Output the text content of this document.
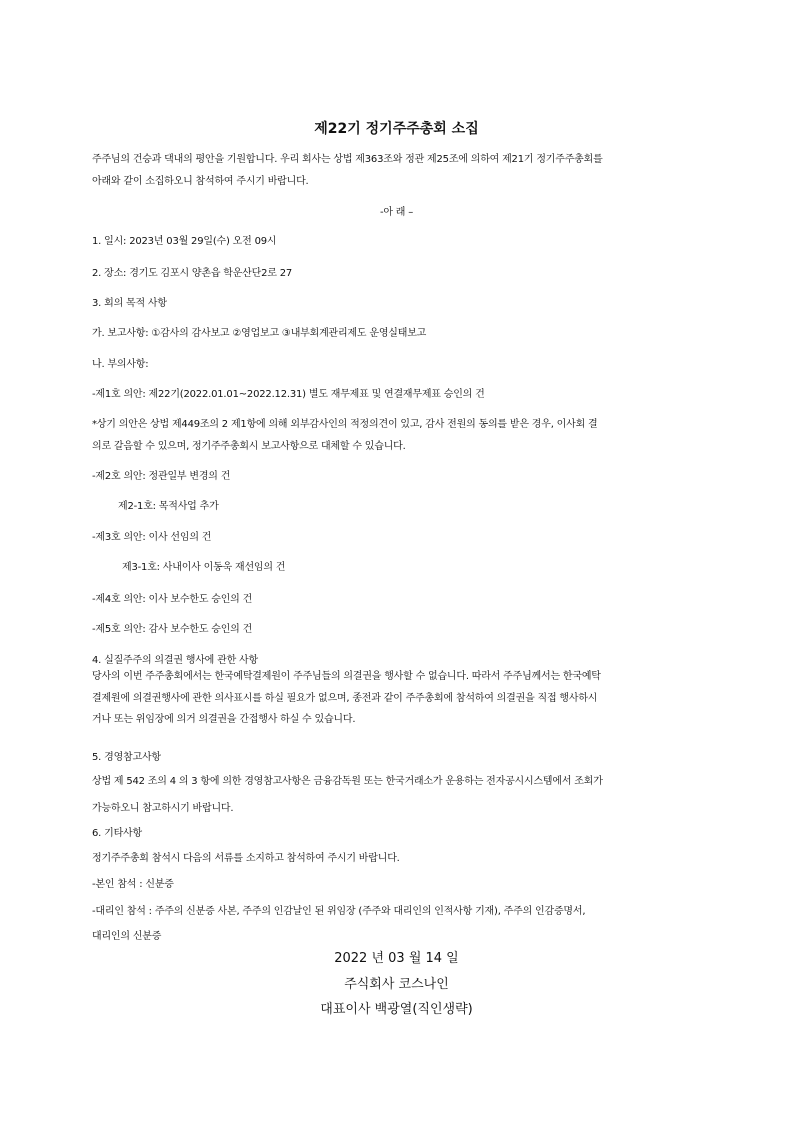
제22기 정기주주총회 소집
주주님의 건승과 댁내의 평안을 기원합니다. 우리 회사는 상법 제363조와 정관 제25조에 의하여 제21기 정기주주총회를
아래와 같이 소집하오니 참석하여 주시기 바랍니다.
-아 래 –
1. 일시: 2023년 03월 29일(수) 오전 09시
2. 장소: 경기도 김포시 양촌읍 학운산단2로 27
3. 회의 목적 사항
가. 보고사항: ①감사의 감사보고 ②영업보고 ③내부회계관리제도 운영실태보고
나. 부의사항:
-제1호 의안: 제22기(2022.01.01~2022.12.31) 별도 재무제표 및 연결재무제표 승인의 건
*상기 의안은 상법 제449조의 2 제1항에 의해 외부감사인의 적정의견이 있고, 감사 전원의 동의를 받은 경우, 이사회 결
의로 갈음할 수 있으며, 정기주주총회시 보고사항으로 대체할 수 있습니다.
-제2호 의안: 정관일부 변경의 건
제2-1호: 목적사업 추가
-제3호 의안: 이사 선임의 건
제3-1호: 사내이사 이동욱 재선임의 건
-제4호 의안: 이사 보수한도 승인의 건
-제5호 의안: 감사 보수한도 승인의 건
4. 실질주주의 의결권 행사에 관한 사항
당사의 이번 주주총회에서는 한국예탁결제원이 주주님들의 의결권을 행사할 수 없습니다. 따라서 주주님께서는 한국예탁
결제원에 의결권행사에 관한 의사표시를 하실 필요가 없으며, 종전과 같이 주주총회에 참석하여 의결권을 직접 행사하시
거나 또는 위임장에 의거 의결권을 간접행사 하실 수 있습니다.
5. 경영참고사항
상법 제 542 조의 4 의 3 항에 의한 경영참고사항은 금융감독원 또는 한국거래소가 운용하는 전자공시시스템에서 조회가
가능하오니 참고하시기 바랍니다.
6. 기타사항
정기주주총회 참석시 다음의 서류를 소지하고 참석하여 주시기 바랍니다.
-본인 참석 : 신분증
-대리인 참석 : 주주의 신분증 사본, 주주의 인감날인 된 위임장 (주주와 대리인의 인적사항 기재), 주주의 인감증명서,
대리인의 신분증
2022 년 03 월 14 일
주식회사 코스나인
대표이사 백광열(직인생략)
